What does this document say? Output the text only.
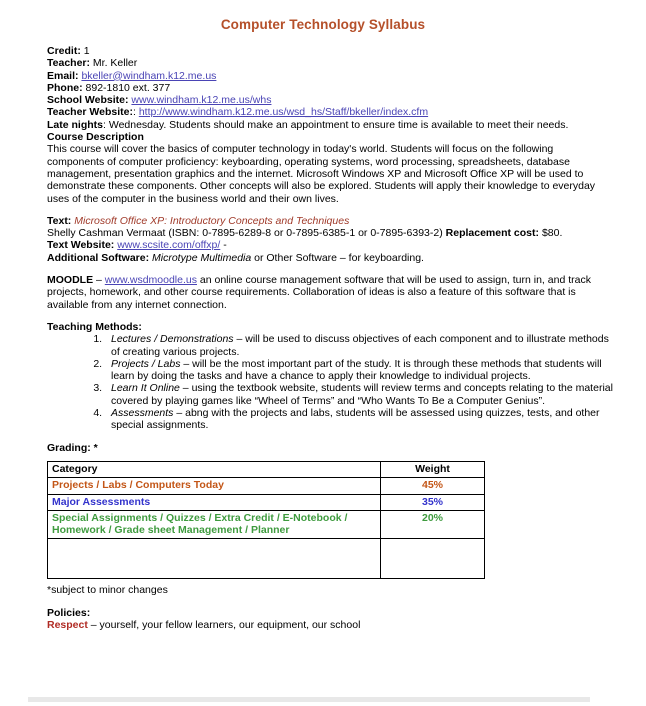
Computer Technology Syllabus

Credit: 1

Teacher: Mr. Keller

Email: bkeller@windham.k12.me.us

Phone: 892-1810 ext. 377

School Website: www.windham.k12.me.us/whs

Teacher Website:: http://www.windham.k12.me.us/wsd_hs/Staff/bkeller/index.cfm

Late nights: Wednesday. Students should make an appointment to ensure time is available to meet their needs.

Course Description

This course will cover the basics of computer technology in today's world. Students will focus on the following components of computer proficiency: keyboarding, operating systems, word processing, spreadsheets, database management, presentation graphics and the internet. Microsoft Windows XP and Microsoft Office XP will be used to demonstrate these components. Other concepts will also be explored. Students will apply their knowledge to everyday uses of the computer in the business world and their own lives.

Text: Microsoft Office XP: Introductory Concepts and Techniques

Shelly Cashman Vermaat (ISBN: 0-7895-6289-8 or 0-7895-6385-1 or 0-7895-6393-2) Replacement cost: $80.

Text Website: www.scsite.com/offxp/ -

Additional Software: Microtype Multimedia or Other Software – for keyboarding.

MOODLE – www.wsdmoodle.us an online course management software that will be used to assign, turn in, and track projects, homework, and other course requirements. Collaboration of ideas is also a feature of this software that is available from any internet connection.

Teaching Methods:

1. Lectures / Demonstrations – will be used to discuss objectives of each component and to illustrate methods of creating various projects.
2. Projects / Labs – will be the most important part of the study. It is through these methods that students will learn by doing the tasks and have a chance to apply their knowledge to individual projects.
3. Learn It Online – using the textbook website, students will review terms and concepts relating to the material covered by playing games like “Wheel of Terms” and “Who Wants To Be a Computer Genius”.
4. Assessments – abng with the projects and labs, students will be assessed using quizzes, tests, and other special assignments.

Grading: *

Category	Weight
Projects / Labs / Computers Today	45%
Major Assessments	35%
Special Assignments / Quizzes / Extra Credit / E-Notebook / Homework / Grade sheet Management / Planner	20%

*subject to minor changes

Policies:

Respect – yourself, your fellow learners, our equipment, our school
